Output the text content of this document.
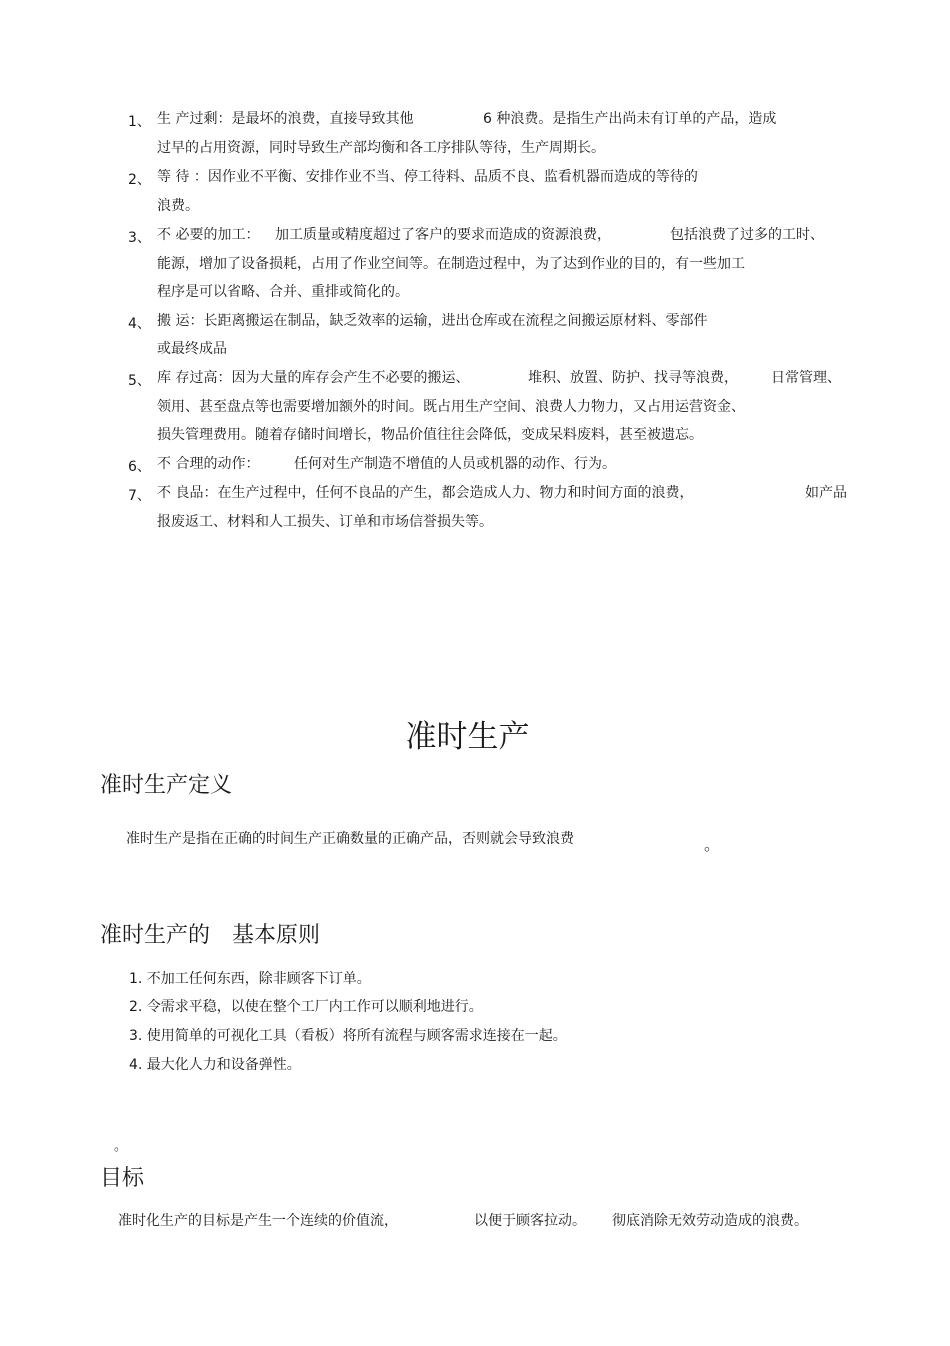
1、 生 产过剩：是最坏的浪费，直接导致其他	6 种浪费。是指生产出尚未有订单的产品，造成
过早的占用资源，同时导致生产部均衡和各工序排队等待，生产周期长。
2、 等 待 ：因作业不平衡、安排作业不当、停工待料、品质不良、监看机器而造成的等待的
浪费。
3、 不 必要的加工： 加工质量或精度超过了客户的要求而造成的资源浪费，	包括浪费了过多的工时、
能源，增加了设备损耗，占用了作业空间等。在制造过程中，为了达到作业的目的，有一些加工
程序是可以省略、合并、重排或简化的。
4、 搬 运：长距离搬运在制品，缺乏效率的运输，进出仓库或在流程之间搬运原材料、零部件
或最终成品
5、 库 存过高：因为大量的库存会产生不必要的搬运、	堆积、放置、防护、找寻等浪费， 日常管理、
领用、甚至盘点等也需要增加额外的时间。既占用生产空间、浪费人力物力，又占用运营资金、
损失管理费用。随着存储时间增长，物品价值往往会降低，变成呆料废料，甚至被遗忘。
6、 不 合理的动作： 任何对生产制造不增值的人员或机器的动作、行为。
7、 不 良品：在生产过程中，任何不良品的产生，都会造成人力、物力和时间方面的浪费，	如产品
报废返工、材料和人工损失、订单和市场信誉损失等。
准时生产
准时生产定义
准时生产是指在正确的时间生产正确数量的正确产品，否则就会导致浪费	。
准时生产的 基本原则
1. 不加工任何东西，除非顾客下订单。
2. 令需求平稳，以使在整个工厂内工作可以顺利地进行。
3. 使用简单的可视化工具（看板）将所有流程与顾客需求连接在一起。
4. 最大化人力和设备弹性。
。
目标
准时化生产的目标是产生一个连续的价值流，	以便于顾客拉动。 彻底消除无效劳动造成的浪费。
